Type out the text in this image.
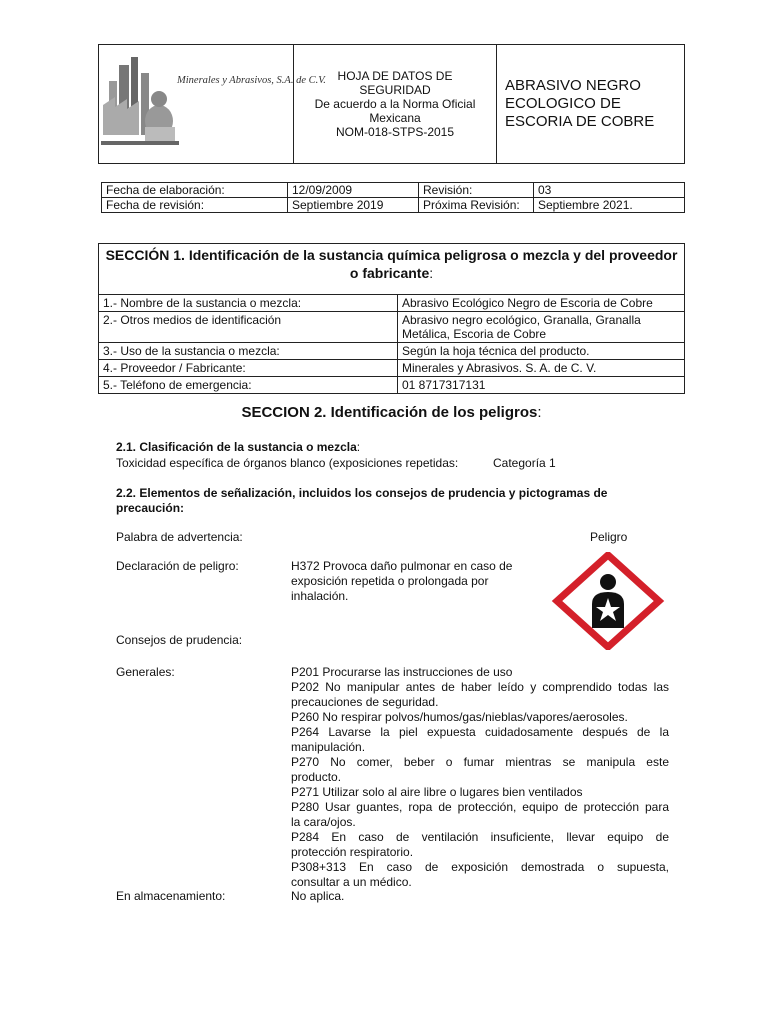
Minerales y Abrasivos, S.A. de C.V.	HOJA DE DATOS DE
SEGURIDAD
De acuerdo a la Norma Oficial
Mexicana
NOM-018-STPS-2015

ABRASIVO NEGRO
ECOLOGICO DE
ESCORIA DE COBRE
Fecha de elaboración:	12/09/2009	Revisión:	03
Fecha de revisión:	Septiembre 2019	Próxima Revisión:	Septiembre 2021.
SECCIÓN 1. Identificación de la sustancia química peligrosa o mezcla y del proveedor o fabricante:	
1.- Nombre de la sustancia o mezcla:	Abrasivo Ecológico Negro de Escoria de Cobre
2.- Otros medios de identificación	Abrasivo negro ecológico, Granalla, Granalla
Metálica, Escoria de Cobre

3.- Uso de la sustancia o mezcla:	Según la hoja técnica del producto.
4.- Proveedor / Fabricante:	Minerales y Abrasivos. S. A. de C. V.
5.- Teléfono de emergencia:	01 8717317131
SECCION 2. Identificación de los peligros:
2.1. Clasificación de la sustancia o mezcla:
Toxicidad específica de órganos blanco (exposiciones repetidas:	Categoría 1
2.2. Elementos de señalización, incluidos los consejos de prudencia y pictogramas de
precaución:
Palabra de advertencia:	Peligro
Declaración de peligro:	H372 Provoca daño pulmonar en caso de
exposición repetida o prolongada por
inhalación.
Consejos de prudencia:
Generales:	P201 Procurarse las instrucciones de uso
P202 No manipular antes de haber leído y comprendido todas las
precauciones de seguridad.
P260 No respirar polvos/humos/gas/nieblas/vapores/aerosoles.
P264 Lavarse la piel expuesta cuidadosamente después de la
manipulación.
P270 No comer, beber o fumar mientras se manipula este
producto.
P271 Utilizar solo al aire libre o lugares bien ventilados
P280 Usar guantes, ropa de protección, equipo de protección para
la cara/ojos.
P284 En caso de ventilación insuficiente, llevar equipo de
protección respiratorio.
P308+313 En caso de exposición demostrada o supuesta,
consultar a un médico.
En almacenamiento:	No aplica.
